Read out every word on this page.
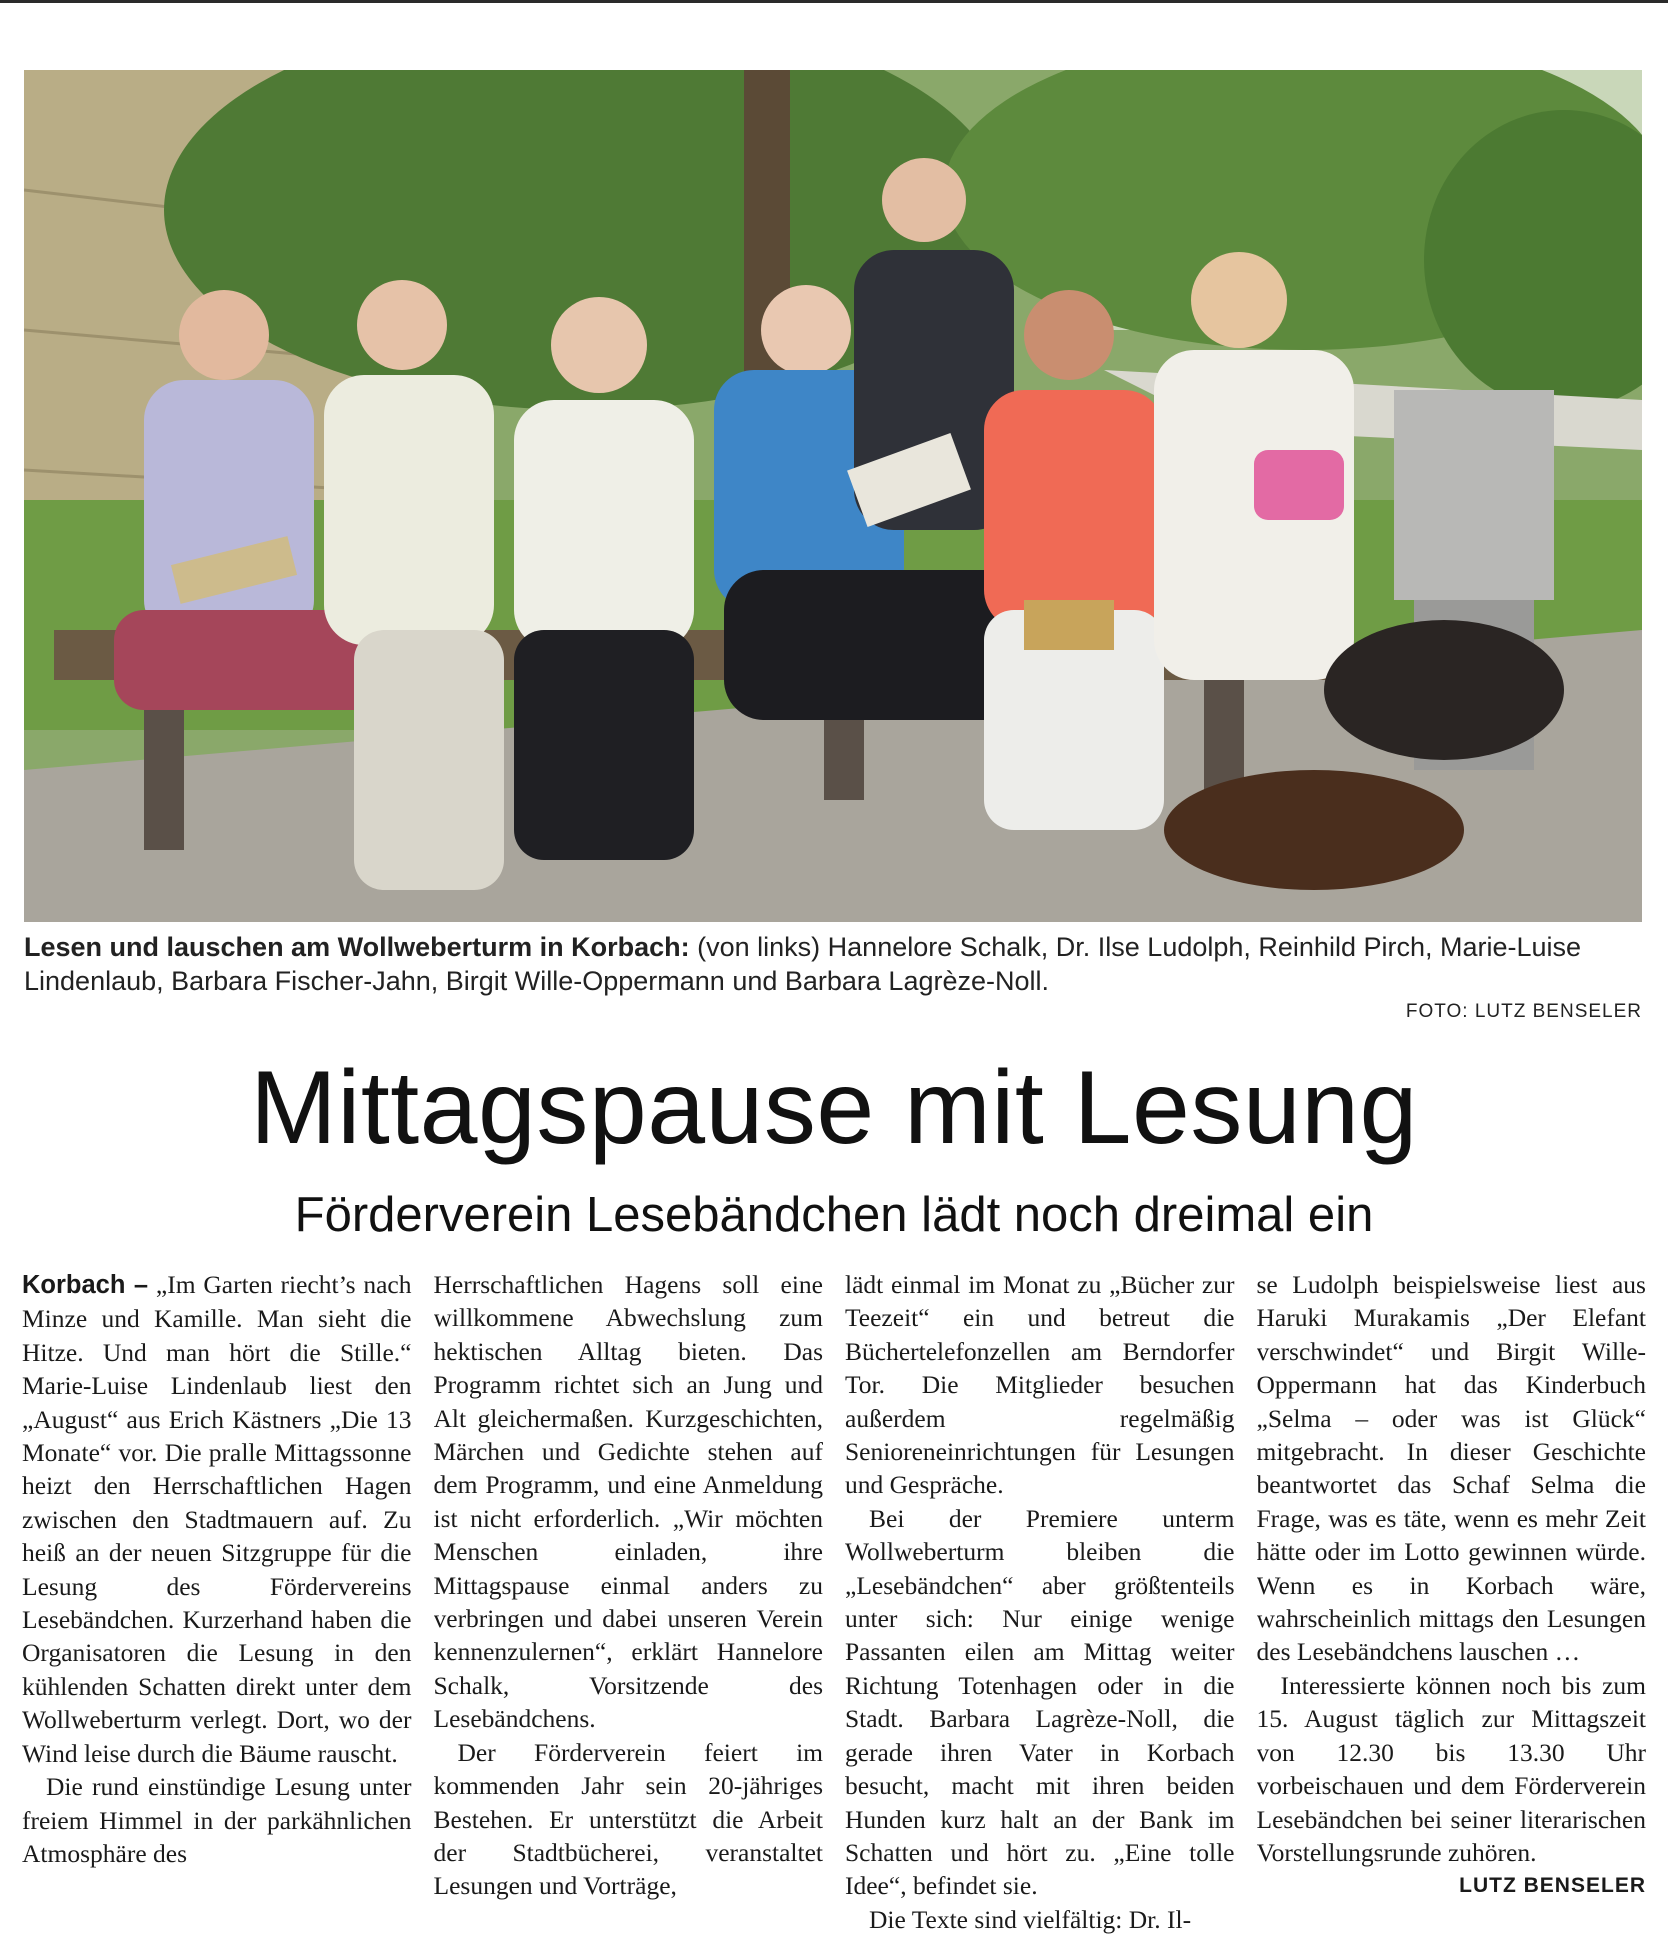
Lesen und lauschen am Wollweberturm in Korbach: (von links) Hannelore Schalk, Dr. Ilse Ludolph, Reinhild Pirch, Marie-Luise Lindenlaub, Barbara Fischer-Jahn, Birgit Wille-Oppermann und Barbara Lagrèze-Noll.
FOTO: LUTZ BENSELER
Mittagspause mit Lesung
Förderverein Lesebändchen lädt noch dreimal ein

Korbach – „Im Garten riecht’s nach Minze und Kamille. Man sieht die Hitze. Und man hört die Stille.“ Marie-Luise Lindenlaub liest den „August“ aus Erich Kästners „Die 13 Monate“ vor. Die pralle Mittagssonne heizt den Herrschaftlichen Hagen zwischen den Stadtmauern auf. Zu heiß an der neuen Sitzgruppe für die Lesung des Fördervereins Lesebändchen. Kurzerhand haben die Organisatoren die Lesung in den kühlenden Schatten direkt unter dem Wollweberturm verlegt. Dort, wo der Wind leise durch die Bäume rauscht.

Die rund einstündige Lesung unter freiem Himmel in der parkähnlichen Atmosphäre des

Herrschaftlichen Hagens soll eine willkommene Abwechslung zum hektischen Alltag bieten. Das Programm richtet sich an Jung und Alt gleichermaßen. Kurzgeschichten, Märchen und Gedichte stehen auf dem Programm, und eine Anmeldung ist nicht erforderlich. „Wir möchten Menschen einladen, ihre Mittagspause einmal anders zu verbringen und dabei unseren Verein kennenzulernen“, erklärt Hannelore Schalk, Vorsitzende des Lesebändchens.

Der Förderverein feiert im kommenden Jahr sein 20-jähriges Bestehen. Er unterstützt die Arbeit der Stadtbücherei, veranstaltet Lesungen und Vorträge,

lädt einmal im Monat zu „Bücher zur Teezeit“ ein und betreut die Büchertelefonzellen am Berndorfer Tor. Die Mitglieder besuchen außerdem regelmäßig Senioreneinrichtungen für Lesungen und Gespräche.

Bei der Premiere unterm Wollweberturm bleiben die „Lesebändchen“ aber größtenteils unter sich: Nur einige wenige Passanten eilen am Mittag weiter Richtung Totenhagen oder in die Stadt. Barbara Lagrèze-Noll, die gerade ihren Vater in Korbach besucht, macht mit ihren beiden Hunden kurz halt an der Bank im Schatten und hört zu. „Eine tolle Idee“, befindet sie.

Die Texte sind vielfältig: Dr. Il-

se Ludolph beispielsweise liest aus Haruki Murakamis „Der Elefant verschwindet“ und Birgit Wille-Oppermann hat das Kinderbuch „Selma – oder was ist Glück“ mitgebracht. In dieser Geschichte beantwortet das Schaf Selma die Frage, was es täte, wenn es mehr Zeit hätte oder im Lotto gewinnen würde. Wenn es in Korbach wäre, wahrscheinlich mittags den Lesungen des Lesebändchens lauschen …

Interessierte können noch bis zum 15. August täglich zur Mittagszeit von 12.30 bis 13.30 Uhr vorbeischauen und dem Förderverein Lesebändchen bei seiner literarischen Vorstellungsrunde zuhören.
LUTZ BENSELER
